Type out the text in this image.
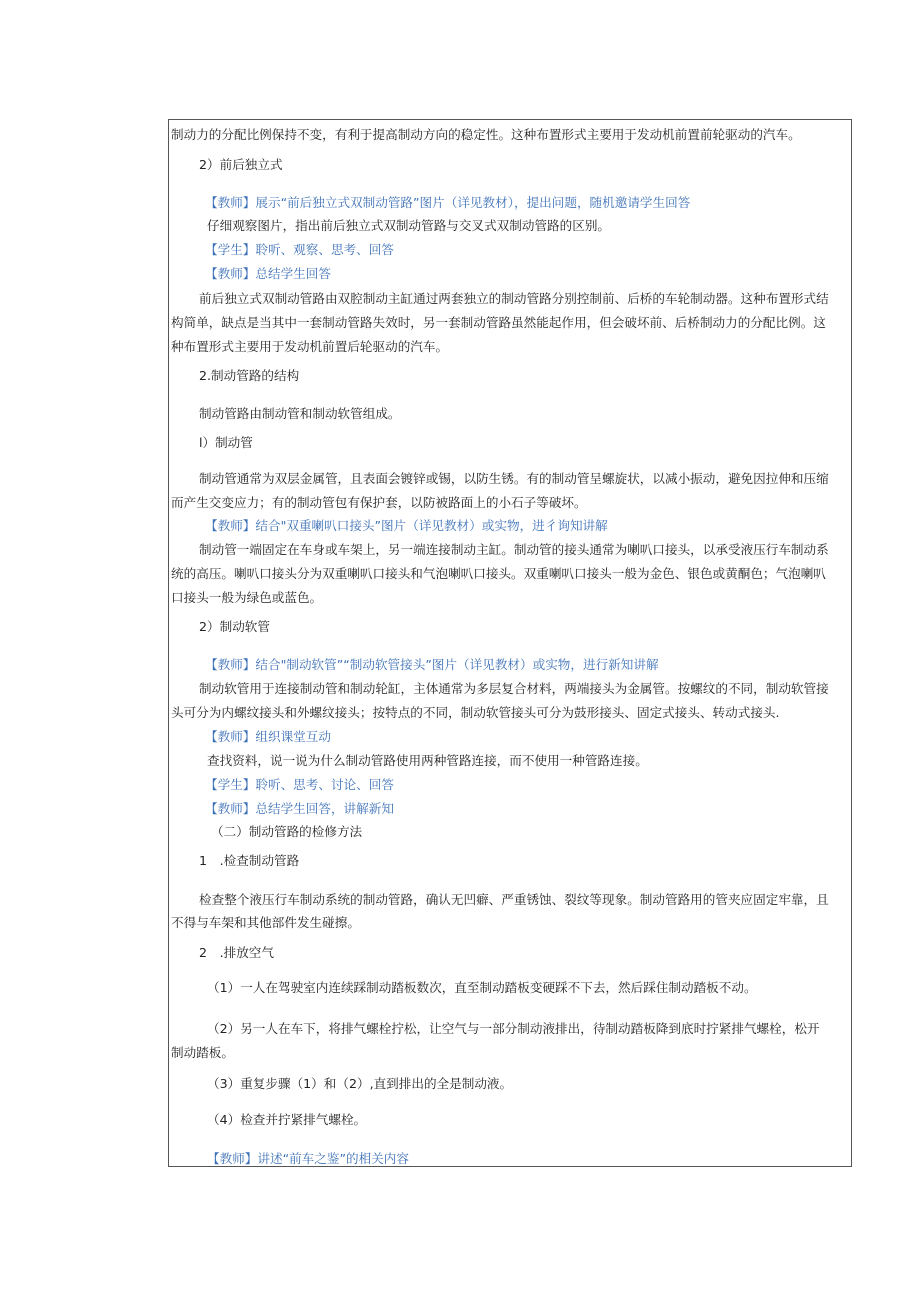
制动力的分配比例保持不变，有利于提高制动方向的稳定性。这种布置形式主要用于发动机前置前轮驱动的汽车。
2）前后独立式
【教师】展示“前后独立式双制动管路”图片（详见教材），提出问题，随机邀请学生回答
仔细观察图片，指出前后独立式双制动管路与交叉式双制动管路的区别。
【学生】聆听、观察、思考、回答
【教师】总结学生回答
前后独立式双制动管路由双腔制动主缸通过两套独立的制动管路分别控制前、后桥的车轮制动器。这种布置形式结
构简单，缺点是当其中一套制动管路失效时，另一套制动管路虽然能起作用，但会破坏前、后桥制动力的分配比例。这
种布置形式主要用于发动机前置后轮驱动的汽车。
2.制动管路的结构
制动管路由制动管和制动软管组成。
l）制动管
制动管通常为双层金属管，且表面会镀锌或锡，以防生锈。有的制动管呈螺旋状，以减小振动，避免因拉伸和压缩
而产生交变应力；有的制动管包有保护套，以防被路面上的小石子等破坏。
【教师】结合"双重喇叭口接头”图片（详见教材）或实物，进彳询知讲解
制动管一端固定在车身或车架上，另一端连接制动主缸。制动管的接头通常为喇叭口接头，以承受液压行车制动系
统的高压。喇叭口接头分为双重喇叭口接头和气泡喇叭口接头。双重喇叭口接头一般为金色、银色或黄酮色；气泡喇叭
口接头一般为绿色或蓝色。
2）制动软管
【教师】结合"制动软管”“制动软管接头”图片（详见教材）或实物，进行新知讲解
制动软管用于连接制动管和制动轮缸，主体通常为多层复合材料，两端接头为金属管。按螺纹的不同，制动软管接
头可分为内螺纹接头和外螺纹接头；按特点的不同，制动软管接头可分为鼓形接头、固定式接头、转动式接头.
【教师】组织课堂互动
查找资料，说一说为什么制动管路使用两种管路连接，而不使用一种管路连接。
【学生】聆听、思考、讨论、回答
【教师】总结学生回答，讲解新知
（二）制动管路的检修方法
1　.检查制动管路
检查整个液压行车制动系统的制动管路，确认无凹癖、严重锈蚀、裂纹等现象。制动管路用的管夹应固定牢靠，且
不得与车架和其他部件发生碰擦。
2　.排放空气
（1）一人在驾驶室内连续踩制动踏板数次，直至制动踏板变硬踩不下去，然后踩住制动踏板不动。
（2）另一人在车下，将排气螺栓拧松，让空气与一部分制动液排出，待制动踏板降到底时拧紧排气螺栓，松开
制动踏板。
（3）重复步骤（1）和（2）,直到排出的全是制动液。
（4）检查并拧紧排气螺栓。
【教师】讲述“前车之鉴”的相关内容
